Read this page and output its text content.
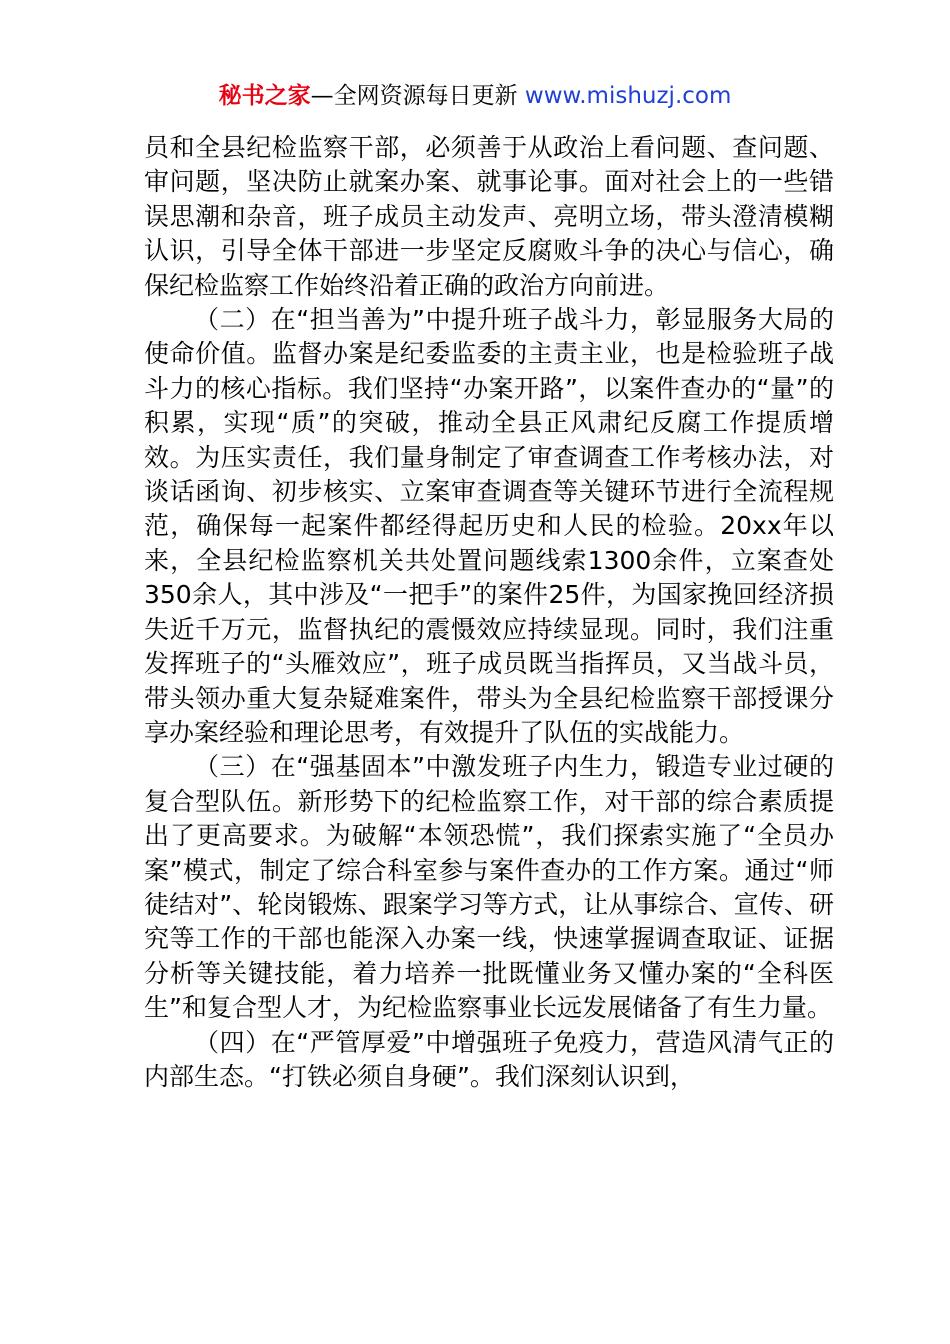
秘书之家—全网资源每日更新 www.mishuzj.com

员和全县纪检监察干部，必须善于从政治上看问题、查问题、审问题，坚决防止就案办案、就事论事。面对社会上的一些错误思潮和杂音，班子成员主动发声、亮明立场，带头澄清模糊认识，引导全体干部进一步坚定反腐败斗争的决心与信心，确保纪检监察工作始终沿着正确的政治方向前进。

（二）在“担当善为”中提升班子战斗力，彰显服务大局的使命价值。监督办案是纪委监委的主责主业，也是检验班子战斗力的核心指标。我们坚持“办案开路”，以案件查办的“量”的积累，实现“质”的突破，推动全县正风肃纪反腐工作提质增效。为压实责任，我们量身制定了审查调查工作考核办法，对谈话函询、初步核实、立案审查调查等关键环节进行全流程规范，确保每一起案件都经得起历史和人民的检验。20xx年以来，全县纪检监察机关共处置问题线索1300余件，立案查处350余人，其中涉及“一把手”的案件25件，为国家挽回经济损失近千万元，监督执纪的震慑效应持续显现。同时，我们注重发挥班子的“头雁效应”，班子成员既当指挥员，又当战斗员，带头领办重大复杂疑难案件，带头为全县纪检监察干部授课分享办案经验和理论思考，有效提升了队伍的实战能力。

（三）在“强基固本”中激发班子内生力，锻造专业过硬的复合型队伍。新形势下的纪检监察工作，对干部的综合素质提出了更高要求。为破解“本领恐慌”，我们探索实施了“全员办案”模式，制定了综合科室参与案件查办的工作方案。通过“师徒结对”、轮岗锻炼、跟案学习等方式，让从事综合、宣传、研究等工作的干部也能深入办案一线，快速掌握调查取证、证据分析等关键技能，着力培养一批既懂业务又懂办案的“全科医生”和复合型人才，为纪检监察事业长远发展储备了有生力量。

（四）在“严管厚爱”中增强班子免疫力，营造风清气正的内部生态。“打铁必须自身硬”。我们深刻认识到，
